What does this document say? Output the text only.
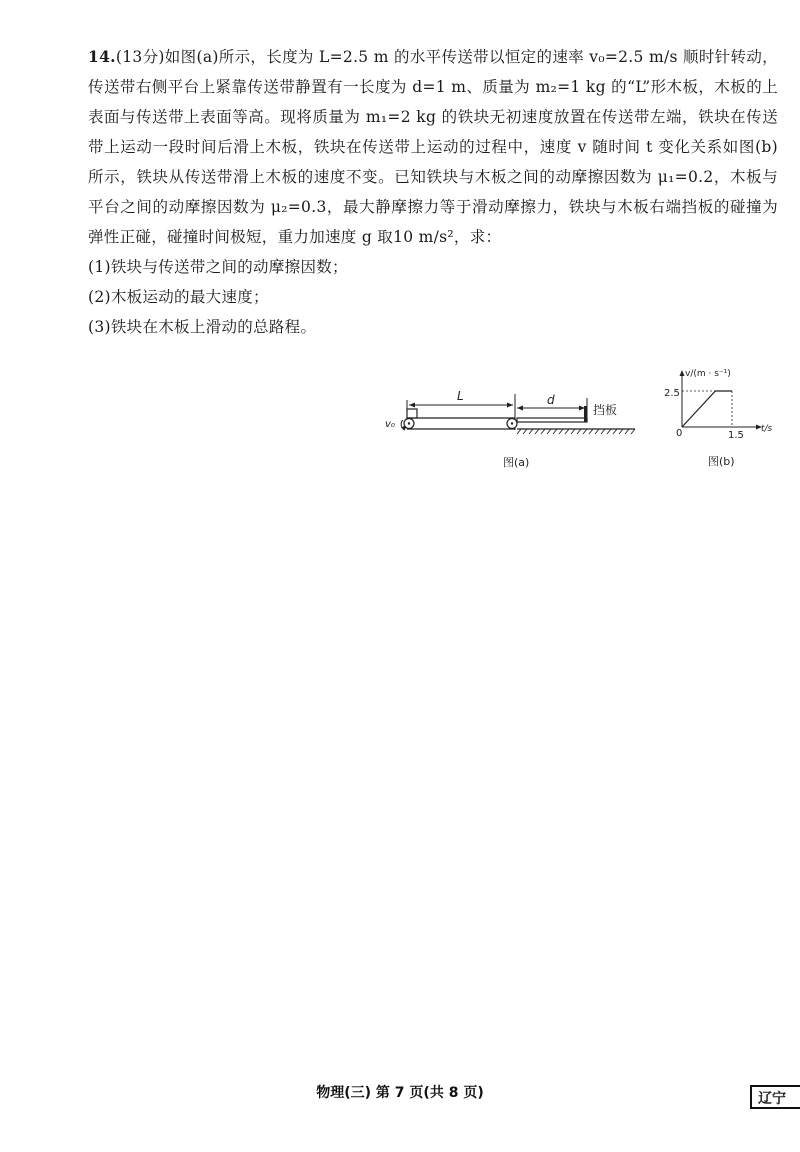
14.(13分)如图(a)所示，长度为 L=2.5 m 的水平传送带以恒定的速率 v₀=2.5 m/s 顺时针转动，传送带右侧平台上紧靠传送带静置有一长度为 d=1 m、质量为 m₂=1 kg 的“L”形木板，木板的上表面与传送带上表面等高。现将质量为 m₁=2 kg 的铁块无初速度放置在传送带左端，铁块在传送带上运动一段时间后滑上木板，铁块在传送带上运动的过程中，速度 v 随时间 t 变化关系如图(b)所示，铁块从传送带滑上木板的速度不变。已知铁块与木板之间的动摩擦因数为 μ₁=0.2，木板与平台之间的动摩擦因数为 μ₂=0.3，最大静摩擦力等于滑动摩擦力，铁块与木板右端挡板的碰撞为弹性正碰，碰撞时间极短，重力加速度 g 取10 m/s²，求：

(1)铁块与传送带之间的动摩擦因数；

(2)木板运动的最大速度；

(3)铁块在木板上滑动的总路程。

L	d
挡板
v₀
图(a)
v/(m · s⁻¹)
t/s
0
2.5
1.5
图(b)
物理(三) 第 7 页(共 8 页)	辽宁
